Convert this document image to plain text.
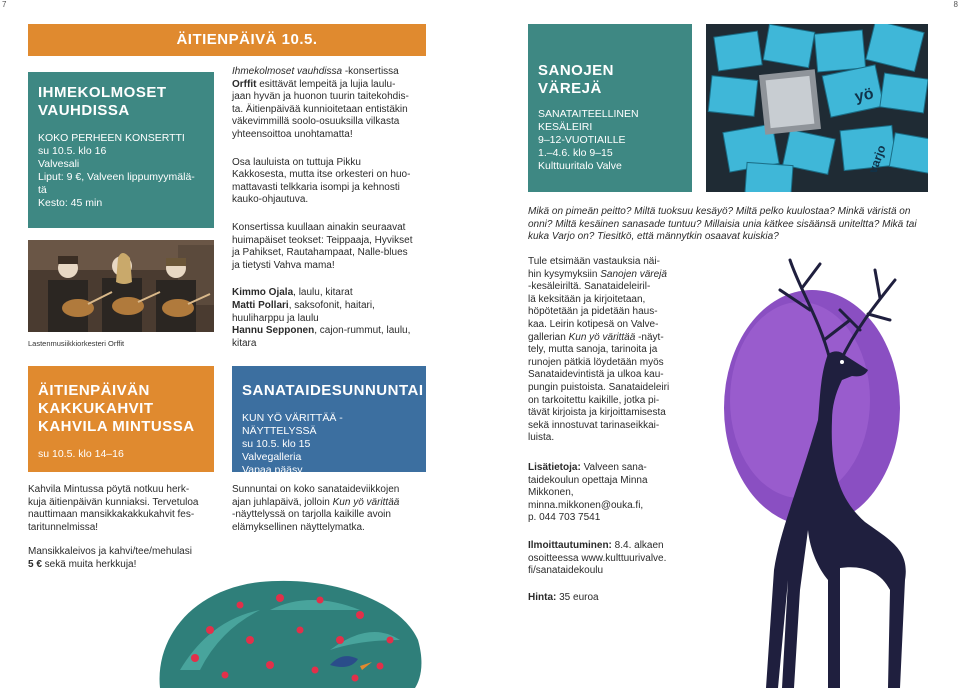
7	8
ÄITIENPÄIVÄ 10.5.
IHMEKOLMOSET
VAUHDISSA

KOKO PERHEEN KONSERTTI

su 10.5. klo 16

Valvesali

Liput: 9 €, Valveen lippumyymälä-

tä

Kesto: 45 min

Lastenmusiikkiorkesteri Orffit
ÄITIENPÄIVÄN
KAKKUKAHVIT
KAHVILA MINTUSSA

su 10.5. klo 14–16

Kahvila Mintussa pöytä notkuu herk-
kuja äitienpäivän kunniaksi. Tervetuloa
nauttimaan mansikkakakkukahvit fes-
taritunnelmissa!
Mansikkaleivos ja kahvi/tee/mehulasi
5 € sekä muita herkkuja!
Ihmekolmoset vauhdissa -konsertissa
Orffit esittävät lempeitä ja lujia laulu-
jaan hyvän ja huonon tuurin taitekohdis-
ta. Äitienpäivää kunnioitetaan entistäkin
väkevimmillä soolo-osuuksilla vilkasta
yhteensoittoa unohtamatta!
Osa lauluista on tuttuja Pikku
Kakkosesta, mutta itse orkesteri on huo-
mattavasti telkkaria isompi ja kehnosti
kauko-ohjautuva.
Konsertissa kuullaan ainakin seuraavat
huimapäiset teokset: Teippaaja, Hyvikset
ja Pahikset, Rautahampaat, Nalle-blues
ja tietysti Vahva mama!
Kimmo Ojala, laulu, kitarat
Matti Pollari, saksofonit, haitari,
huuliharppu ja laulu
Hannu Sepponen, cajon-rummut, laulu,
kitara
SANATAIDESUNNUNTAI

KUN YÖ VÄRITTÄÄ -NÄYTTELYSSÄ

su 10.5. klo 15

Valvegalleria

Vapaa pääsy

Sunnuntai on koko sanataideviikkojen
ajan juhlapäivä, jolloin Kun yö värittää
-näyttelyssä on tarjolla kaikille avoin
elämyksellinen näyttelymatka.
SANOJEN VÄREJÄ

SANATAITEELLINEN

KESÄLEIRI

9–12-VUOTIAILLE

1.–4.6. klo 9–15

Kulttuuritalo Valve

yö
varjo
Mikä on pimeän peitto? Miltä tuoksuu kesäyö? Miltä pelko kuulostaa? Minkä väristä on
onni? Miltä kesäinen sanasade tuntuu? Millaisia unia kätkee sisäänsä uniteltta? Mikä tai
kuka Varjo on? Tiesitkö, että männytkin osaavat kuiskia?
Tule etsimään vastauksia näi-
hin kysymyksiin Sanojen värejä
-kesäleiriltä. Sanataideleiril-
lä keksitään ja kirjoitetaan,
höpötetään ja pidetään haus-
kaa. Leirin kotipesä on Valve-
gallerian Kun yö värittää -näyt-
tely, mutta sanoja, tarinoita ja
runojen pätkiä löydetään myös
Sanataidevintistä ja ulkoa kau-
pungin puistoista. Sanataideleiri
on tarkoitettu kaikille, jotka pi-
tävät kirjoista ja kirjoittamisesta
sekä innostuvat tarinaseikkai-
luista.
Lisätietoja: Valveen sana-
taidekoulun opettaja Minna
Mikkonen,
minna.mikkonen@ouka.fi,
p. 044 703 7541
Ilmoittautuminen: 8.4. alkaen
osoitteessa www.kulttuurivalve.
fi/sanataidekoulu
Hinta: 35 euroa
